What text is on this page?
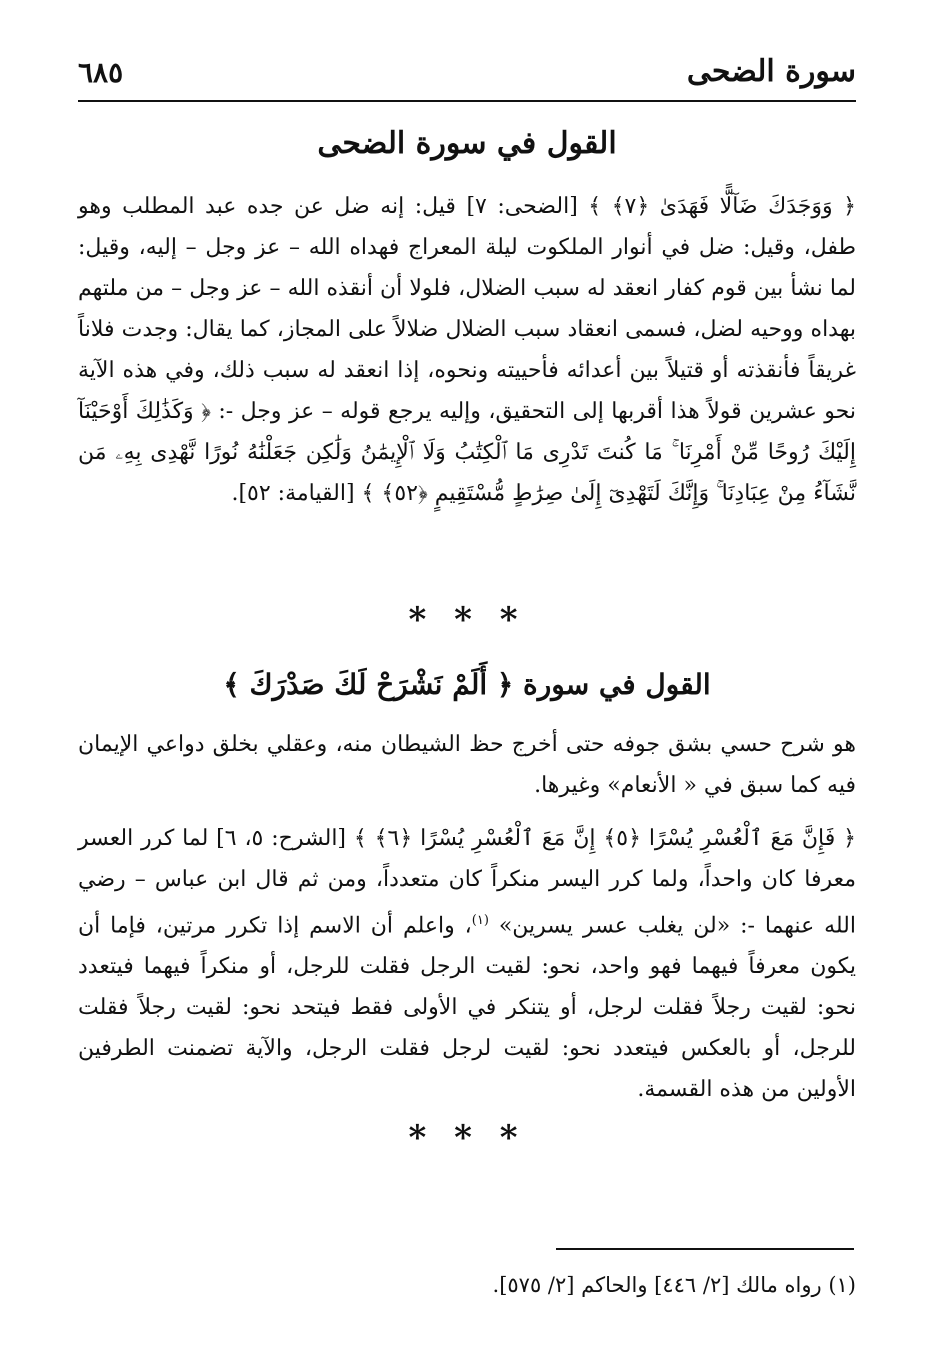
سورة الضحى
٦٨٥
القول في سورة الضحى
﴿ وَوَجَدَكَ ضَآلًّا فَهَدَىٰ ﴿٧﴾ ﴾ [الضحى: ٧] قيل: إنه ضل عن جده عبد المطلب وهو طفل، وقيل: ضل في أنوار الملكوت ليلة المعراج فهداه الله – عز وجل – إليه، وقيل: لما نشأ بين قوم كفار انعقد له سبب الضلال، فلولا أن أنقذه الله – عز وجل – من ملتهم بهداه ووحيه لضل، فسمى انعقاد سبب الضلال ضلالاً على المجاز، كما يقال: وجدت فلاناً غريقاً فأنقذته أو قتيلاً بين أعدائه فأحييته ونحوه، إذا انعقد له سبب ذلك، وفي هذه الآية نحو عشرين قولاً هذا أقربها إلى التحقيق، وإليه يرجع قوله – عز وجل -: ﴿ وَكَذَٰلِكَ أَوْحَيْنَآ إِلَيْكَ رُوحًا مِّنْ أَمْرِنَا ۚ مَا كُنتَ تَدْرِى مَا ٱلْكِتَٰبُ وَلَا ٱلْإِيمَٰنُ وَلَٰكِن جَعَلْنَٰهُ نُورًا نَّهْدِى بِهِۦ مَن نَّشَآءُ مِنْ عِبَادِنَا ۚ وَإِنَّكَ لَتَهْدِىٓ إِلَىٰ صِرَٰطٍ مُّسْتَقِيمٍ ﴿٥٢﴾ ﴾ [القيامة: ٥٢].
* * *
القول في سورة ﴿ أَلَمْ نَشْرَحْ لَكَ صَدْرَكَ ﴾
هو شرح حسي بشق جوفه حتى أخرج حظ الشيطان منه، وعقلي بخلق دواعي الإيمان فيه كما سبق في « الأنعام» وغيرها.
﴿ فَإِنَّ مَعَ ٱلْعُسْرِ يُسْرًا ﴿٥﴾ إِنَّ مَعَ ٱلْعُسْرِ يُسْرًا ﴿٦﴾ ﴾ [الشرح: ٥، ٦] لما كرر العسر معرفا كان واحداً، ولما كرر اليسر منكراً كان متعدداً، ومن ثم قال ابن عباس – رضي الله عنهما -: «لن يغلب عسر يسرين» $^{(١)}$، واعلم أن الاسم إذا تكرر مرتين، فإما أن يكون معرفاً فيهما فهو واحد، نحو: لقيت الرجل فقلت للرجل، أو منكراً فيهما فيتعدد نحو: لقيت رجلاً فقلت لرجل، أو يتنكر في الأولى فقط فيتحد نحو: لقيت رجلاً فقلت للرجل، أو بالعكس فيتعدد نحو: لقيت لرجل فقلت الرجل، والآية تضمنت الطرفين الأولين من هذه القسمة.
* * *
(١) رواه مالك [٢/ ٤٤٦] والحاكم [٢/ ٥٧٥].
